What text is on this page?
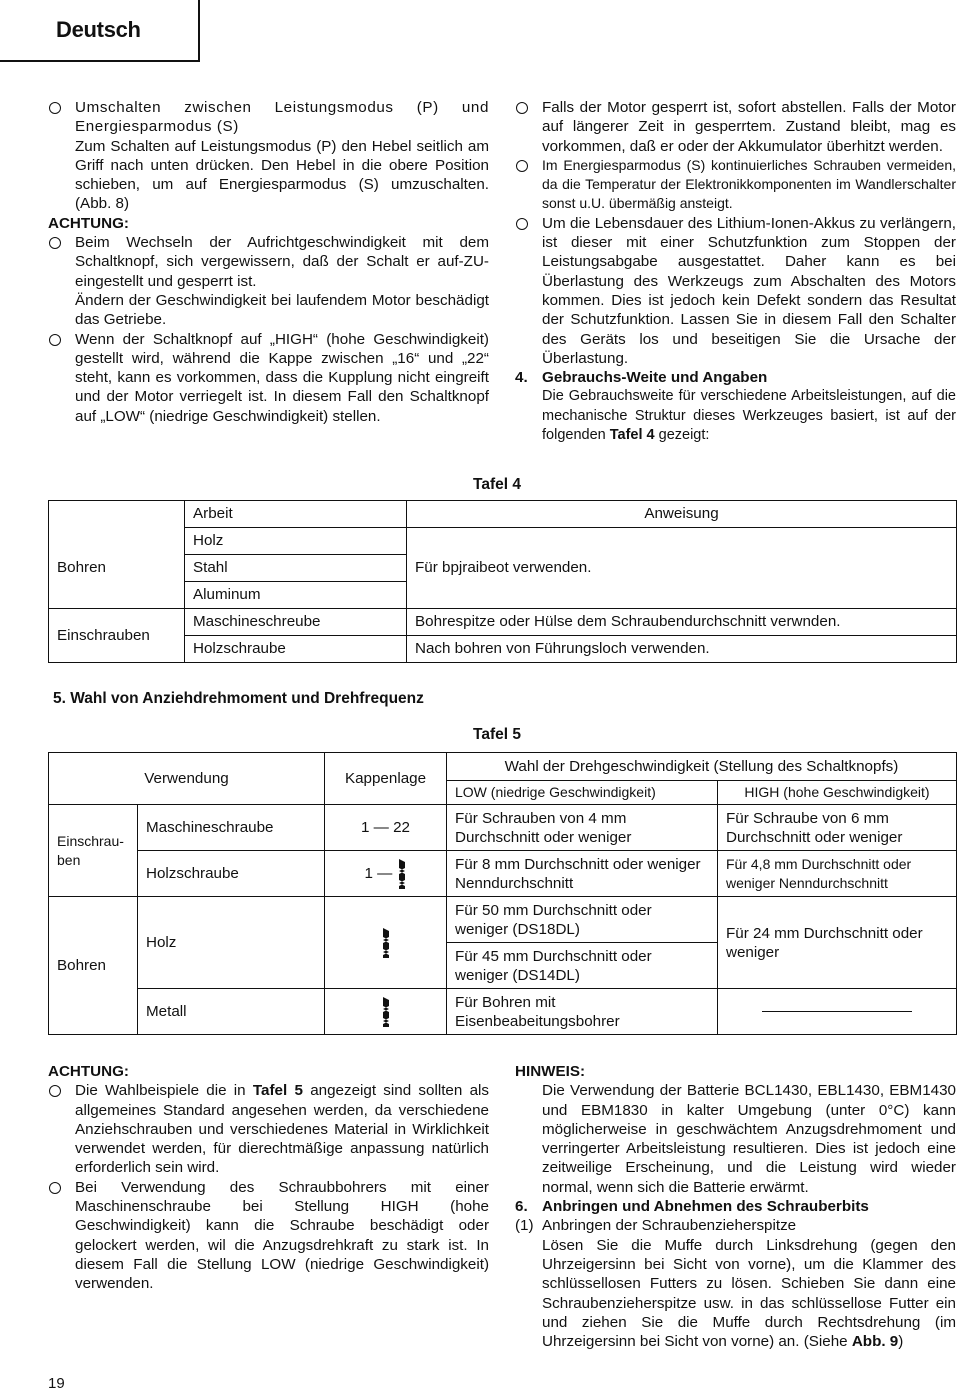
Deutsch
Umschalten zwischen Leistungsmodus (P) und Energiesparmodus (S)
Zum Schalten auf Leistungsmodus (P) den Hebel seitlich am Griff nach unten drücken. Den Hebel in die obere Position schieben, um auf Energiesparmodus (S) umzuschalten. (Abb. 8)
ACHTUNG:
Beim Wechseln der Aufrichtgeschwindigkeit mit dem Schaltknopf, sich vergewissern, daß der Schalt er auf-ZU-eingestellt und gesperrt ist.
Ändern der Geschwindigkeit bei laufendem Motor beschädigt das Getriebe.
Wenn der Schaltknopf auf „HIGH“ (hohe Geschwindigkeit) gestellt wird, während die Kappe zwischen „16“ und „22“ steht, kann es vorkommen, dass die Kupplung nicht eingreift und der Motor verriegelt ist. In diesem Fall den Schaltknopf auf „LOW“ (niedrige Geschwindigkeit) stellen.
Falls der Motor gesperrt ist, sofort abstellen. Falls der Motor auf längerer Zeit in gesperrtem. Zustand bleibt, mag es vorkommen, daß er oder der Akkumulator überhitzt werden.
Im Energiesparmodus (S) kontinuierliches Schrauben vermeiden, da die Temperatur der Elektronikkomponenten im Wandlerschalter sonst u.U. übermäßig ansteigt.
Um die Lebensdauer des Lithium-Ionen-Akkus zu verlängern, ist dieser mit einer Schutzfunktion zum Stoppen der Leistungsabgabe ausgestattet. Daher kann es bei Überlastung des Werkzeugs zum Abschalten des Motors kommen. Dies ist jedoch kein Defekt sondern das Resultat der Schutzfunktion. Lassen Sie in diesem Fall den Schalter des Geräts los und beseitigen Sie die Ursache der Überlastung.
4. Gebrauchs-Weite und Angaben
Die Gebrauchsweite für verschiedene Arbeitsleistungen, auf die mechanische Struktur dieses Werkzeuges basiert, ist auf der folgenden Tafel 4 gezeigt:
Tafel 4
	Arbeit	Anweisung
Bohren	Holz	Für bpjraibeot verwenden.
	Stahl	
	Aluminum	
Einschrauben	Maschineschreube	Bohrespitze oder Hülse dem Schraubendurchschnitt verwnden.
	Holzschraube	Nach bohren von Führungsloch verwenden.
5. Wahl von Anziehdrehmoment und Drehfrequenz
Tafel 5
Verwendung		Kappenlage	Wahl der Drehgeschwindigkeit (Stellung des Schaltknopfs)	
			LOW (niedrige Geschwindigkeit)	HIGH (hohe Geschwindigkeit)
Einschrau-ben	Maschineschraube	1 — 22	Für Schrauben von 4 mm Durchschnitt oder weniger	Für Schraube von 6 mm Durchschnitt oder weniger
	Holzschraube	1 —	Für 8 mm Durchschnitt oder weniger Nenndurchschnitt	Für 4,8 mm Durchschnitt oder weniger Nenndurchschnitt
Bohren	Holz		Für 50 mm Durchschnitt oder weniger (DS18DL)	Für 24 mm Durchschnitt oder weniger
			Für 45 mm Durchschnitt oder weniger (DS14DL)	
	Metall		Für Bohren mit Eisenbeabeitungsbohrer	
ACHTUNG:
Die Wahlbeispiele die in Tafel 5 angezeigt sind sollten als allgemeines Standard angesehen werden, da verschiedene Anziehschrauben und verschiedenes Material in Wirklichkeit verwendet werden, für dierechtmäßige anpassung natürlich erforderlich sein wird.
Bei Verwendung des Schraubbohrers mit einer Maschinenschraube bei Stellung HIGH (hohe Geschwindigkeit) kann die Schraube beschädigt oder gelockert werden, wil die Anzugsdrehkraft zu stark ist. In diesem Fall die Stellung LOW (niedrige Geschwindigkeit) verwenden.
HINWEIS:
Die Verwendung der Batterie BCL1430, EBL1430, EBM1430 und EBM1830 in kalter Umgebung (unter 0°C) kann möglicherweise in geschwächtem Anzugsdrehmoment und verringerter Arbeitsleistung resultieren. Dies ist jedoch eine zeitweilige Erscheinung, und die Leistung wird wieder normal, wenn sich die Batterie erwärmt.
6. Anbringen und Abnehmen des Schrauberbits
(1) Anbringen der Schraubenzieherspitze
Lösen Sie die Muffe durch Linksdrehung (gegen den Uhrzeigersinn bei Sicht von vorne), um die Klammer des schlüssellosen Futters zu lösen. Schieben Sie dann eine Schraubenzieherspitze usw. in das schlüssellose Futter ein und ziehen Sie die Muffe durch Rechtsdrehung (im Uhrzeigersinn bei Sicht von vorne) an. (Siehe Abb. 9)
19
